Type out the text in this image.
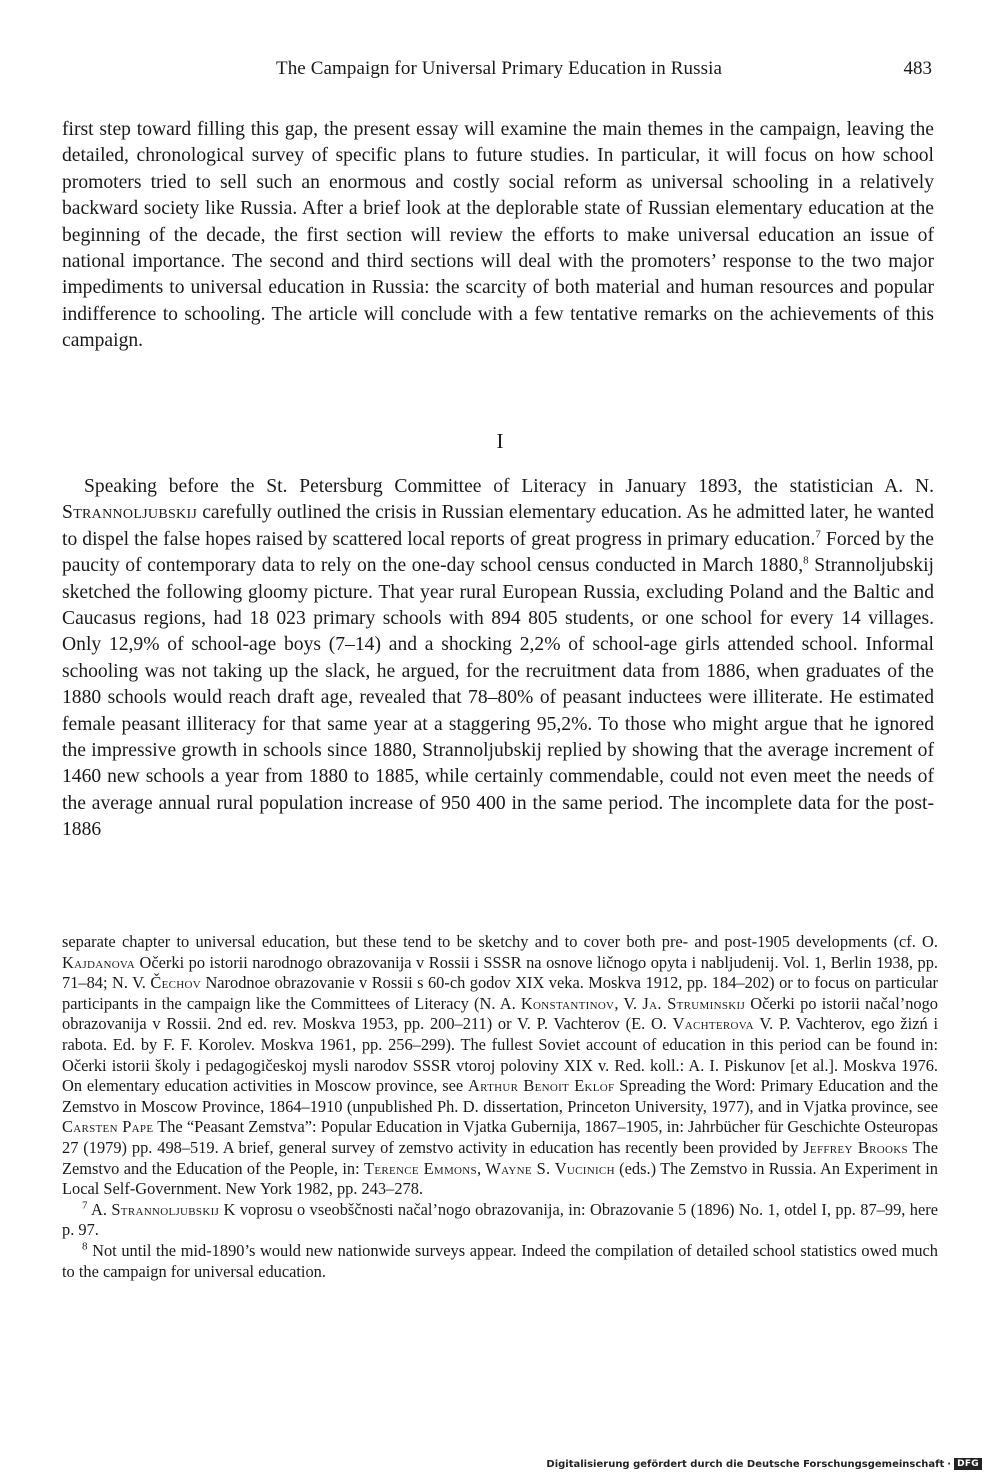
The Campaign for Universal Primary Education in Russia	483

first step toward filling this gap, the present essay will examine the main themes in the campaign, leaving the detailed, chronological survey of specific plans to future studies. In particular, it will focus on how school promoters tried to sell such an enormous and costly social reform as universal schooling in a relatively backward society like Russia. After a brief look at the deplorable state of Russian elementary education at the beginning of the decade, the first section will review the efforts to make universal education an issue of national importance. The second and third sections will deal with the promoters’ response to the two major impediments to universal education in Russia: the scarcity of both material and human resources and popular indifference to schooling. The article will conclude with a few tentative remarks on the achievements of this campaign.

I

Speaking before the St. Petersburg Committee of Literacy in January 1893, the statistician A. N. Strannoljubskij carefully outlined the crisis in Russian elementary education. As he admitted later, he wanted to dispel the false hopes raised by scattered local reports of great progress in primary education.$^7$ Forced by the paucity of contemporary data to rely on the one-day school census conducted in March 1880,$^8$ Strannoljubskij sketched the following gloomy picture. That year rural European Russia, excluding Poland and the Baltic and Caucasus regions, had 18 023 primary schools with 894 805 students, or one school for every 14 villages. Only 12,9% of school-age boys (7–14) and a shocking 2,2% of school-age girls attended school. Informal schooling was not taking up the slack, he argued, for the recruitment data from 1886, when graduates of the 1880 schools would reach draft age, revealed that 78–80% of peasant inductees were illiterate. He estimated female peasant illiteracy for that same year at a staggering 95,2%. To those who might argue that he ignored the impressive growth in schools since 1880, Strannoljubskij replied by showing that the average increment of 1460 new schools a year from 1880 to 1885, while certainly commendable, could not even meet the needs of the average annual rural population increase of 950 400 in the same period. The incomplete data for the post-1886

separate chapter to universal education, but these tend to be sketchy and to cover both pre- and post-1905 developments (cf. O. Kajdanova Očerki po istorii narodnogo obrazovanija v Rossii i SSSR na osnove ličnogo opyta i nabljudenij. Vol. 1, Berlin 1938, pp. 71–84; N. V. Čechov Narodnoe obrazovanie v Rossii s 60-ch godov XIX veka. Moskva 1912, pp. 184–202) or to focus on particular participants in the campaign like the Committees of Literacy (N. A. Konstantinov, V. Ja. Struminskij Očerki po istorii načal’nogo obrazovanija v Rossii. 2nd ed. rev. Moskva 1953, pp. 200–211) or V. P. Vachterov (E. O. Vachterova V. P. Vachterov, ego žizń i rabota. Ed. by F. F. Korolev. Moskva 1961, pp. 256–299). The fullest Soviet account of education in this period can be found in: Očerki istorii školy i pedagogičeskoj mysli narodov SSSR vtoroj poloviny XIX v. Red. koll.: A. I. Piskunov [et al.]. Moskva 1976. On elementary education activities in Moscow province, see Arthur Benoit Eklof Spreading the Word: Primary Education and the Zemstvo in Moscow Province, 1864–1910 (unpublished Ph. D. dissertation, Princeton University, 1977), and in Vjatka province, see Carsten Pape The “Peasant Zemstva”: Popular Education in Vjatka Gubernija, 1867–1905, in: Jahrbücher für Geschichte Osteuropas 27 (1979) pp. 498–519. A brief, general survey of zemstvo activity in education has recently been provided by Jeffrey Brooks The Zemstvo and the Education of the People, in: Terence Emmons, Wayne S. Vucinich (eds.) The Zemstvo in Russia. An Experiment in Local Self-Government. New York 1982, pp. 243–278.

$^7$ A. Strannoljubskij K voprosu o vseobščnosti načal’nogo obrazovanija, in: Obrazovanie 5 (1896) No. 1, otdel I, pp. 87–99, here p. 97.

$^8$ Not until the mid-1890’s would new nationwide surveys appear. Indeed the compilation of detailed school statistics owed much to the campaign for universal education.

Digitalisierung gefördert durch die Deutsche Forschungsgemeinschaft · DFG
